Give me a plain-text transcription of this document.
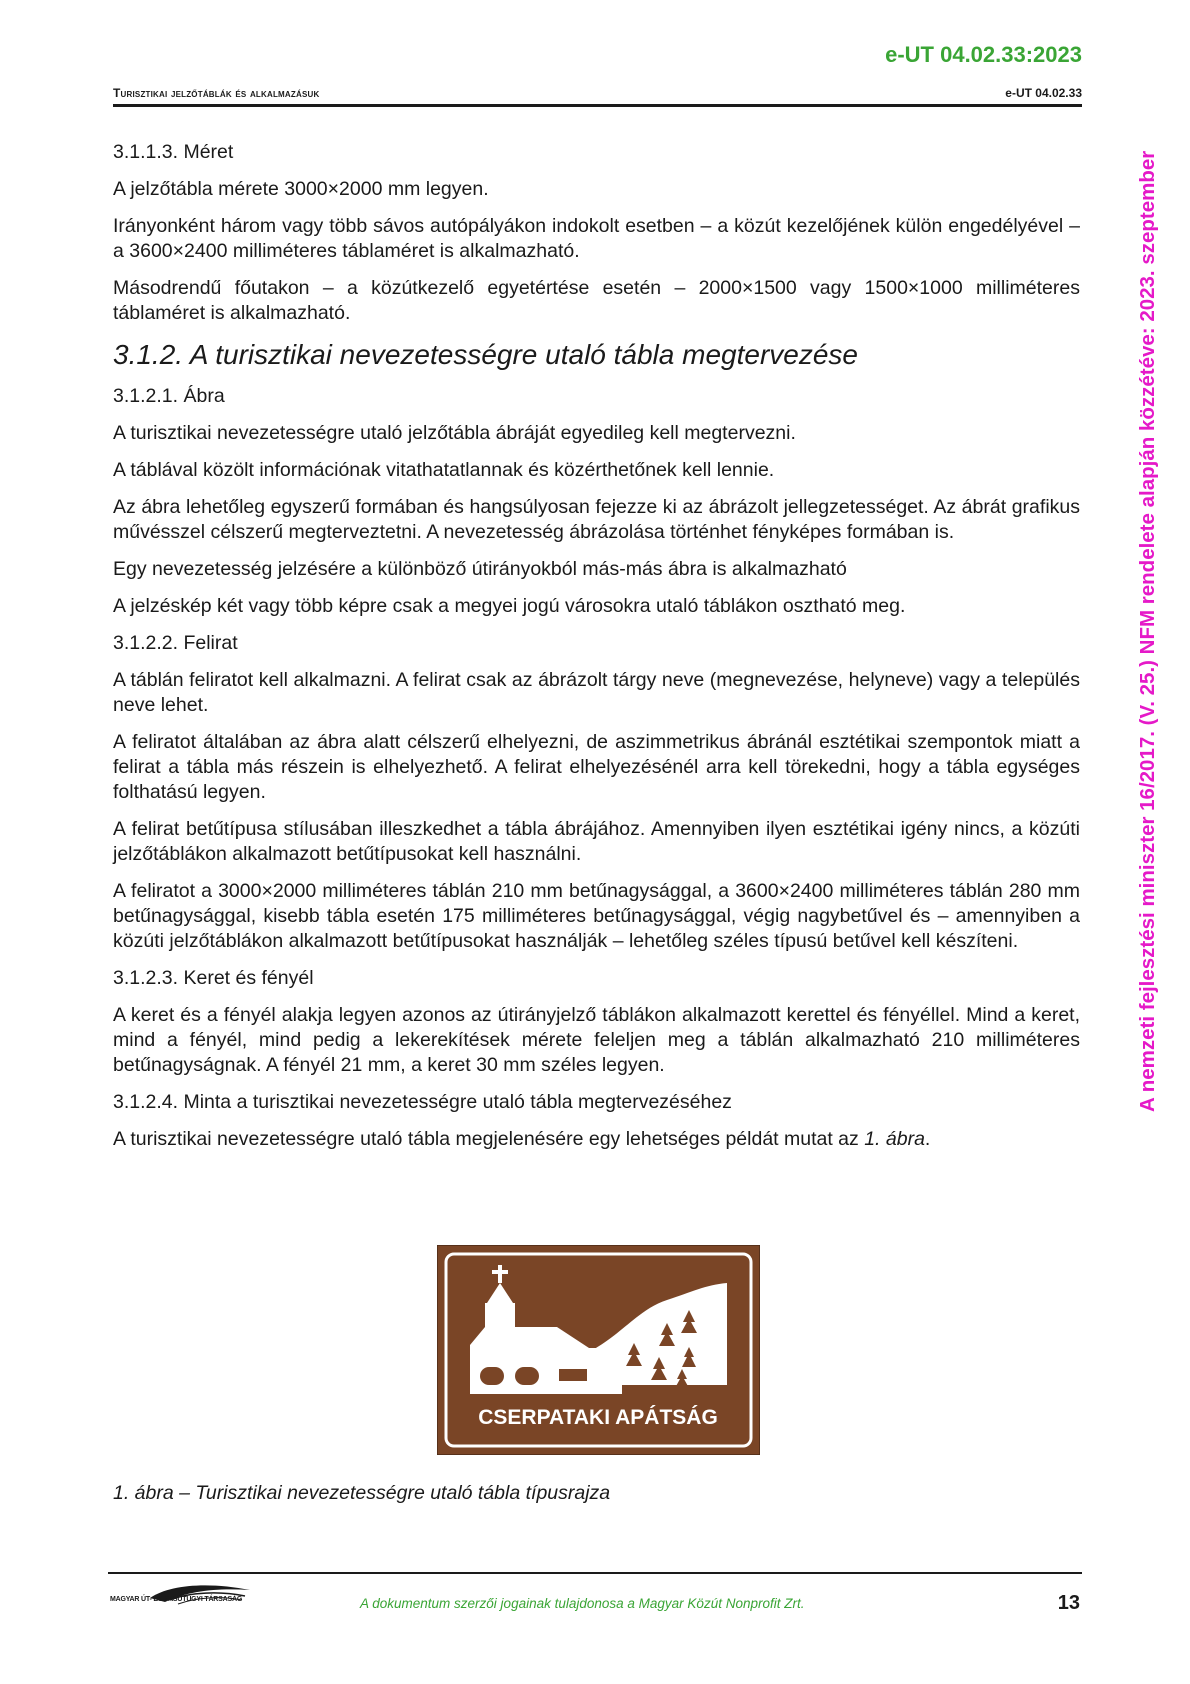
e-UT 04.02.33:2023
Turisztikai jelzőtáblák és alkalmazásuk	e-UT 04.02.33
A nemzeti fejlesztési miniszter 16/2017. (V. 25.) NFM rendelete alapján közzétéve: 2023. szeptember
3.1.1.3. Méret

A jelzőtábla mérete 3000×2000 mm legyen.

Irányonként három vagy több sávos autópályákon indokolt esetben – a közút kezelőjének külön engedélyével – a 3600×2400 milliméteres táblaméret is alkalmazható.

Másodrendű főutakon – a közútkezelő egyetértése esetén – 2000×1500 vagy 1500×1000 milliméteres táblaméret is alkalmazható.

3.1.2. A turisztikai nevezetességre utaló tábla megtervezése
3.1.2.1. Ábra

A turisztikai nevezetességre utaló jelzőtábla ábráját egyedileg kell megtervezni.

A táblával közölt információnak vitathatatlannak és közérthetőnek kell lennie.

Az ábra lehetőleg egyszerű formában és hangsúlyosan fejezze ki az ábrázolt jellegzetességet. Az ábrát grafikus művésszel célszerű megterveztetni. A nevezetesség ábrázolása történhet fényképes formában is.

Egy nevezetesség jelzésére a különböző útirányokból más-más ábra is alkalmazható

A jelzéskép két vagy több képre csak a megyei jogú városokra utaló táblákon osztható meg.

3.1.2.2. Felirat

A táblán feliratot kell alkalmazni. A felirat csak az ábrázolt tárgy neve (megnevezése, helyneve) vagy a település neve lehet.

A feliratot általában az ábra alatt célszerű elhelyezni, de aszimmetrikus ábránál esztétikai szempontok miatt a felirat a tábla más részein is elhelyezhető. A felirat elhelyezésénél arra kell törekedni, hogy a tábla egységes folthatású legyen.

A felirat betűtípusa stílusában illeszkedhet a tábla ábrájához. Amennyiben ilyen esztétikai igény nincs, a közúti jelzőtáblákon alkalmazott betűtípusokat kell használni.

A feliratot a 3000×2000 milliméteres táblán 210 mm betűnagysággal, a 3600×2400 milliméteres táblán 280 mm betűnagysággal, kisebb tábla esetén 175 milliméteres betűnagysággal, végig nagybetűvel és – amennyiben a közúti jelzőtáblákon alkalmazott betűtípusokat használják – lehetőleg széles típusú betűvel kell készíteni.

3.1.2.3. Keret és fényél

A keret és a fényél alakja legyen azonos az útirányjelző táblákon alkalmazott kerettel és fényéllel. Mind a keret, mind a fényél, mind pedig a lekerekítések mérete feleljen meg a táblán alkalmazható 210 milliméteres betűnagyságnak. A fényél 21 mm, a keret 30 mm széles legyen.

3.1.2.4. Minta a turisztikai nevezetességre utaló tábla megtervezéséhez

A turisztikai nevezetességre utaló tábla megjelenésére egy lehetséges példát mutat az 1. ábra.

CSERPATAKI APÁTSÁG
1. ábra – Turisztikai nevezetességre utaló tábla típusrajza
MAGYAR ÚT- ÉS VASÚTÜGYI TÁRSASÁG	A dokumentum szerzői jogainak tulajdonosa a Magyar Közút Nonprofit Zrt.	13
